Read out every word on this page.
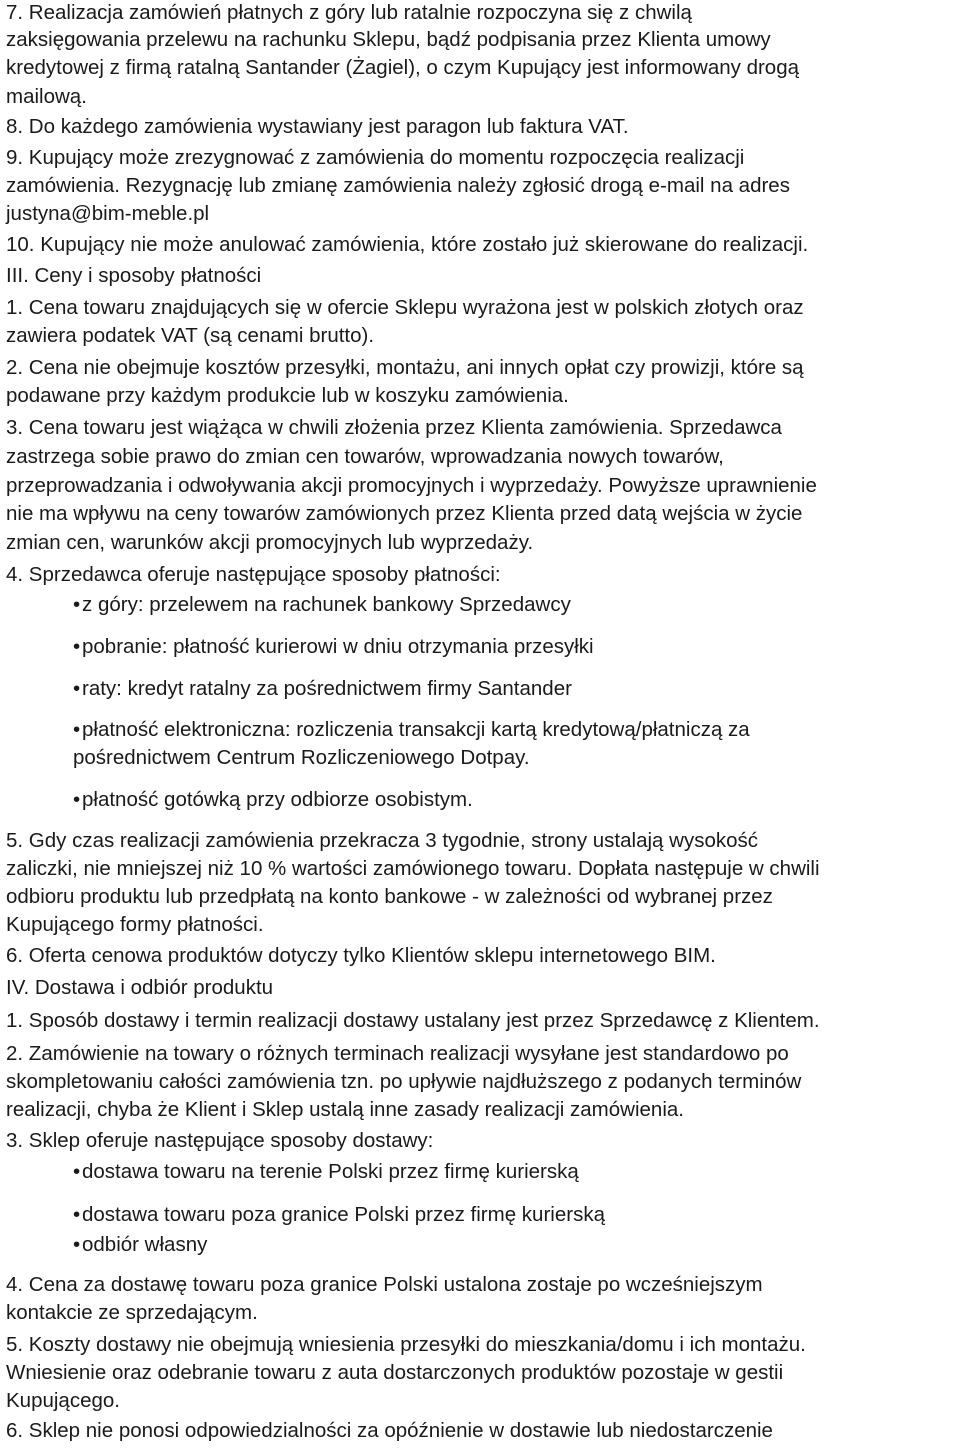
7. Realizacja zamówień płatnych z góry lub ratalnie rozpoczyna się z chwilą
zaksięgowania przelewu na rachunku Sklepu, bądź podpisania przez Klienta umowy
kredytowej z firmą ratalną Santander (Żagiel), o czym Kupujący jest informowany drogą
mailową.
8. Do każdego zamówienia wystawiany jest paragon lub faktura VAT.
9. Kupujący może zrezygnować z zamówienia do momentu rozpoczęcia realizacji
zamówienia. Rezygnację lub zmianę zamówienia należy zgłosić drogą e-mail na adres
justyna@bim-meble.pl
10. Kupujący nie może anulować zamówienia, które zostało już skierowane do realizacji.
III. Ceny i sposoby płatności
1. Cena towaru znajdujących się w ofercie Sklepu wyrażona jest w polskich złotych oraz
zawiera podatek VAT (są cenami brutto).
2. Cena nie obejmuje kosztów przesyłki, montażu, ani innych opłat czy prowizji, które są
podawane przy każdym produkcie lub w koszyku zamówienia.
3. Cena towaru jest wiążąca w chwili złożenia przez Klienta zamówienia. Sprzedawca
zastrzega sobie prawo do zmian cen towarów, wprowadzania nowych towarów,
przeprowadzania i odwoływania akcji promocyjnych i wyprzedaży. Powyższe uprawnienie
nie ma wpływu na ceny towarów zamówionych przez Klienta przed datą wejścia w życie
zmian cen, warunków akcji promocyjnych lub wyprzedaży.
4. Sprzedawca oferuje następujące sposoby płatności:
•z góry: przelewem na rachunek bankowy Sprzedawcy
•pobranie: płatność kurierowi w dniu otrzymania przesyłki
•raty: kredyt ratalny za pośrednictwem firmy Santander
•płatność elektroniczna: rozliczenia transakcji kartą kredytową/płatniczą za
pośrednictwem Centrum Rozliczeniowego Dotpay.
•płatność gotówką przy odbiorze osobistym.
5. Gdy czas realizacji zamówienia przekracza 3 tygodnie, strony ustalają wysokość
zaliczki, nie mniejszej niż 10 % wartości zamówionego towaru. Dopłata następuje w chwili
odbioru produktu lub przedpłatą na konto bankowe - w zależności od wybranej przez
Kupującego formy płatności.
6. Oferta cenowa produktów dotyczy tylko Klientów sklepu internetowego BIM.
IV. Dostawa i odbiór produktu
1. Sposób dostawy i termin realizacji dostawy ustalany jest przez Sprzedawcę z Klientem.
2. Zamówienie na towary o różnych terminach realizacji wysyłane jest standardowo po
skompletowaniu całości zamówienia tzn. po upływie najdłuższego z podanych terminów
realizacji, chyba że Klient i Sklep ustalą inne zasady realizacji zamówienia.
3. Sklep oferuje następujące sposoby dostawy:
•dostawa towaru na terenie Polski przez firmę kurierską
•dostawa towaru poza granice Polski przez firmę kurierską
•odbiór własny
4. Cena za dostawę towaru poza granice Polski ustalona zostaje po wcześniejszym
kontakcie ze sprzedającym.
5. Koszty dostawy nie obejmują wniesienia przesyłki do mieszkania/domu i ich montażu.
Wniesienie oraz odebranie towaru z auta dostarczonych produktów pozostaje w gestii
Kupującego.
6. Sklep nie ponosi odpowiedzialności za opóźnienie w dostawie lub niedostarczenie
